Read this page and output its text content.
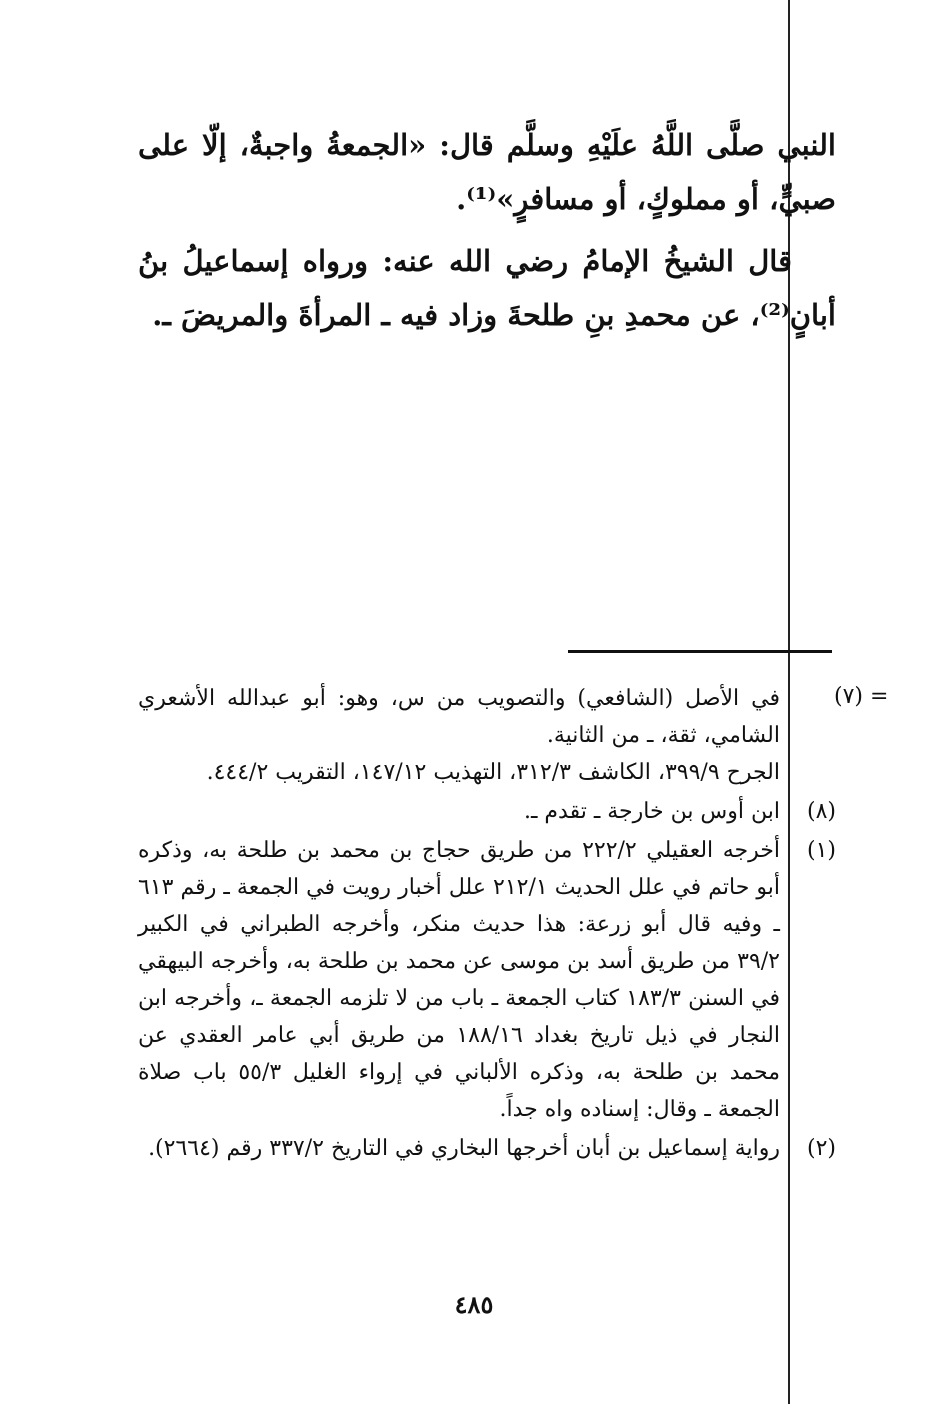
النبي صلَّى اللَّهُ علَيْهِ وسلَّم قال: «الجمعةُ واجبةٌ، إلّا على صبيٍّ، أو مملوكٍ، أو مسافرٍ»⁽¹⁾.

قال الشيخُ الإمامُ رضي الله عنه: ورواه إسماعيلُ بنُ أبانٍ⁽²⁾، عن محمدِ بنِ طلحةَ وزاد فيه ـ المرأةَ والمريضَ ـ.

= (٧)

في الأصل (الشافعي) والتصويب من س، وهو: أبو عبدالله الأشعري الشامي، ثقة، ـ من الثانية.

الجرح ٣٩٩/٩، الكاشف ٣١٢/٣، التهذيب ١٤٧/١٢، التقريب ٤٤٤/٢.

(٨)

ابن أوس بن خارجة ـ تقدم ـ.

(١)

أخرجه العقيلي ٢٢٢/٢ من طريق حجاج بن محمد بن طلحة به، وذكره أبو حاتم في علل الحديث ٢١٢/١ علل أخبار رويت في الجمعة ـ رقم ٦١٣ ـ وفيه قال أبو زرعة: هذا حديث منكر، وأخرجه الطبراني في الكبير ٣٩/٢ من طريق أسد بن موسى عن محمد بن طلحة به، وأخرجه البيهقي في السنن ١٨٣/٣ كتاب الجمعة ـ باب من لا تلزمه الجمعة ـ، وأخرجه ابن النجار في ذيل تاريخ بغداد ١٨٨/١٦ من طريق أبي عامر العقدي عن محمد بن طلحة به، وذكره الألباني في إرواء الغليل ٥٥/٣ باب صلاة الجمعة ـ وقال: إسناده واه جداً.

(٢)

رواية إسماعيل بن أبان أخرجها البخاري في التاريخ ٣٣٧/٢ رقم (٢٦٦٤).

٤٨٥
